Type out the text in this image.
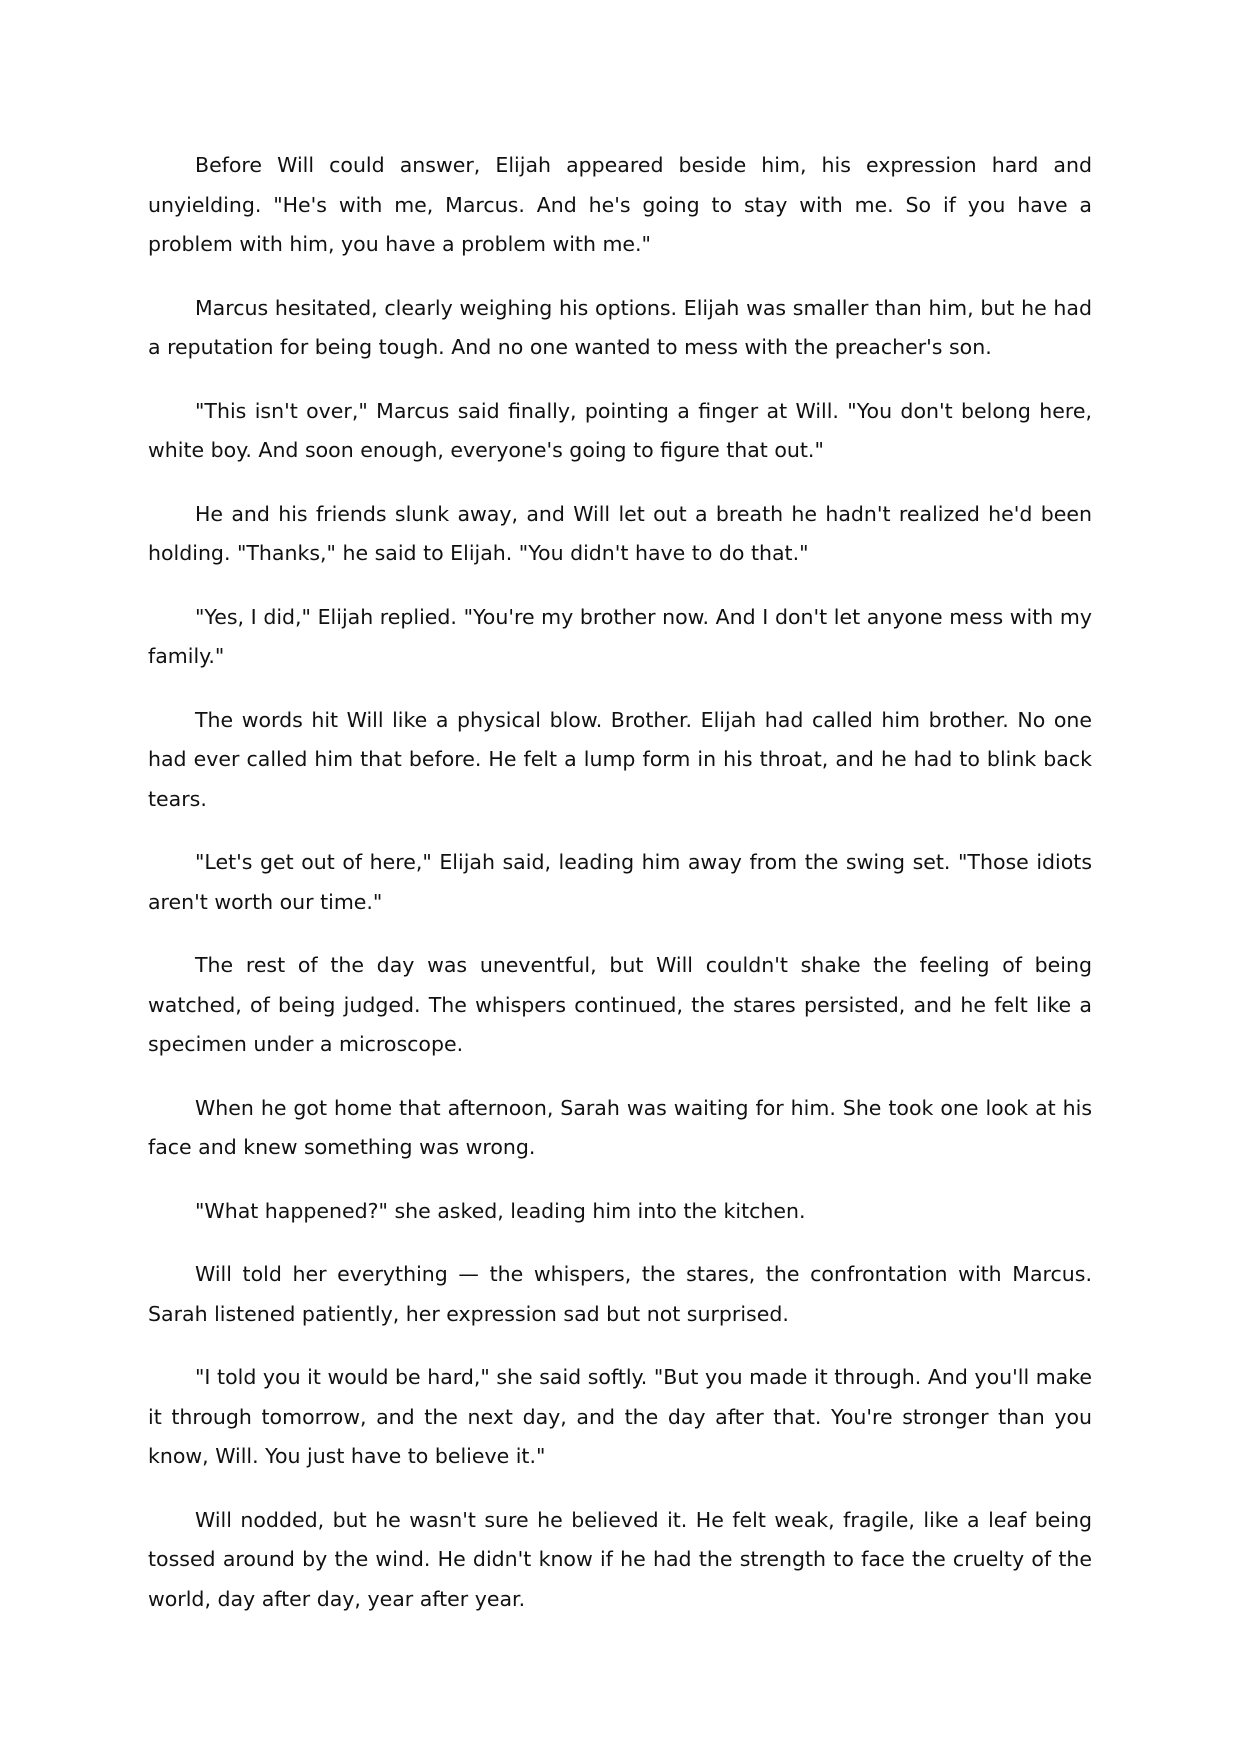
Before Will could answer, Elijah appeared beside him, his expression hard and unyielding. "He's with me, Marcus. And he's going to stay with me. So if you have a problem with him, you have a problem with me."

Marcus hesitated, clearly weighing his options. Elijah was smaller than him, but he had a reputation for being tough. And no one wanted to mess with the preacher's son.

"This isn't over," Marcus said finally, pointing a finger at Will. "You don't belong here, white boy. And soon enough, everyone's going to figure that out."

He and his friends slunk away, and Will let out a breath he hadn't realized he'd been holding. "Thanks," he said to Elijah. "You didn't have to do that."

"Yes, I did," Elijah replied. "You're my brother now. And I don't let anyone mess with my family."

The words hit Will like a physical blow. Brother. Elijah had called him brother. No one had ever called him that before. He felt a lump form in his throat, and he had to blink back tears.

"Let's get out of here," Elijah said, leading him away from the swing set. "Those idiots aren't worth our time."

The rest of the day was uneventful, but Will couldn't shake the feeling of being watched, of being judged. The whispers continued, the stares persisted, and he felt like a specimen under a microscope.

When he got home that afternoon, Sarah was waiting for him. She took one look at his face and knew something was wrong.

"What happened?" she asked, leading him into the kitchen.

Will told her everything — the whispers, the stares, the confrontation with Marcus. Sarah listened patiently, her expression sad but not surprised.

"I told you it would be hard," she said softly. "But you made it through. And you'll make it through tomorrow, and the next day, and the day after that. You're stronger than you know, Will. You just have to believe it."

Will nodded, but he wasn't sure he believed it. He felt weak, fragile, like a leaf being tossed around by the wind. He didn't know if he had the strength to face the cruelty of the world, day after day, year after year.
